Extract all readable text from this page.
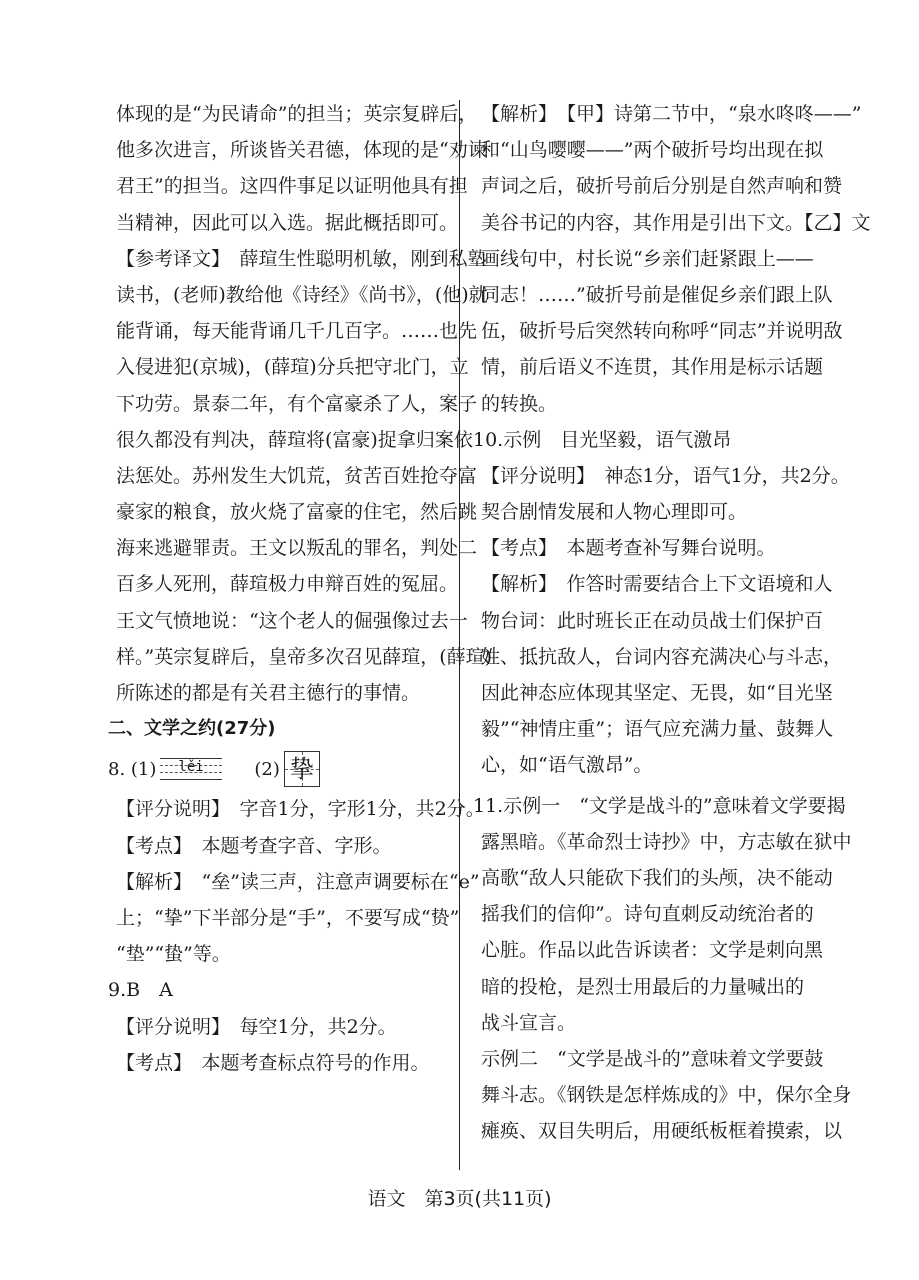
体现的是“为民请命”的担当；英宗复辟后，
他多次进言，所谈皆关君德，体现的是“劝谏
君王”的担当。这四件事足以证明他具有担
当精神，因此可以入选。据此概括即可。
【参考译文】　薛瑄生性聪明机敏，刚到私塾
读书，(老师)教给他《诗经》《尚书》，(他)就
能背诵，每天能背诵几千几百字。……也先
入侵进犯(京城)，(薛瑄)分兵把守北门，立
下功劳。景泰二年，有个富豪杀了人，案子
很久都没有判决，薛瑄将(富豪)捉拿归案依
法惩处。苏州发生大饥荒，贫苦百姓抢夺富
豪家的粮食，放火烧了富豪的住宅，然后跳
海来逃避罪责。王文以叛乱的罪名，判处二
百多人死刑，薛瑄极力申辩百姓的冤屈。
王文气愤地说：“这个老人的倔强像过去一
样。”英宗复辟后，皇帝多次召见薛瑄，(薛瑄)
所陈述的都是有关君主德行的事情。
二、文学之约(27分)
8. (1) lěi	(2) 挚
【评分说明】　字音1分，字形1分，共2分。
【考点】　本题考查字音、字形。
【解析】　“垒”读三声，注意声调要标在“e”
上；“挚”下半部分是“手”，不要写成“贽”
“垫”“蛰”等。
9.B　A
【评分说明】　每空1分，共2分。
【考点】　本题考查标点符号的作用。
【解析】　【甲】诗第二节中，“泉水咚咚——”
和“山鸟嘤嘤——”两个破折号均出现在拟
声词之后，破折号前后分别是自然声响和赞
美谷书记的内容，其作用是引出下文。【乙】文
画线句中，村长说“乡亲们赶紧跟上——
同志！……”破折号前是催促乡亲们跟上队
伍，破折号后突然转向称呼“同志”并说明敌
情，前后语义不连贯，其作用是标示话题
的转换。
10.示例　目光坚毅，语气激昂
【评分说明】　神态1分，语气1分，共2分。
契合剧情发展和人物心理即可。
【考点】　本题考查补写舞台说明。
【解析】　作答时需要结合上下文语境和人
物台词：此时班长正在动员战士们保护百
姓、抵抗敌人，台词内容充满决心与斗志，
因此神态应体现其坚定、无畏，如“目光坚
毅”“神情庄重”；语气应充满力量、鼓舞人
心，如“语气激昂”。
11.示例一　“文学是战斗的”意味着文学要揭
露黑暗。《革命烈士诗抄》中，方志敏在狱中
高歌“敌人只能砍下我们的头颅，决不能动
摇我们的信仰”。诗句直刺反动统治者的
心脏。作品以此告诉读者：文学是刺向黑
暗的投枪，是烈士用最后的力量喊出的
战斗宣言。
示例二　“文学是战斗的”意味着文学要鼓
舞斗志。《钢铁是怎样炼成的》中，保尔全身
瘫痪、双目失明后，用硬纸板框着摸索，以
语文　第3页(共11页)
